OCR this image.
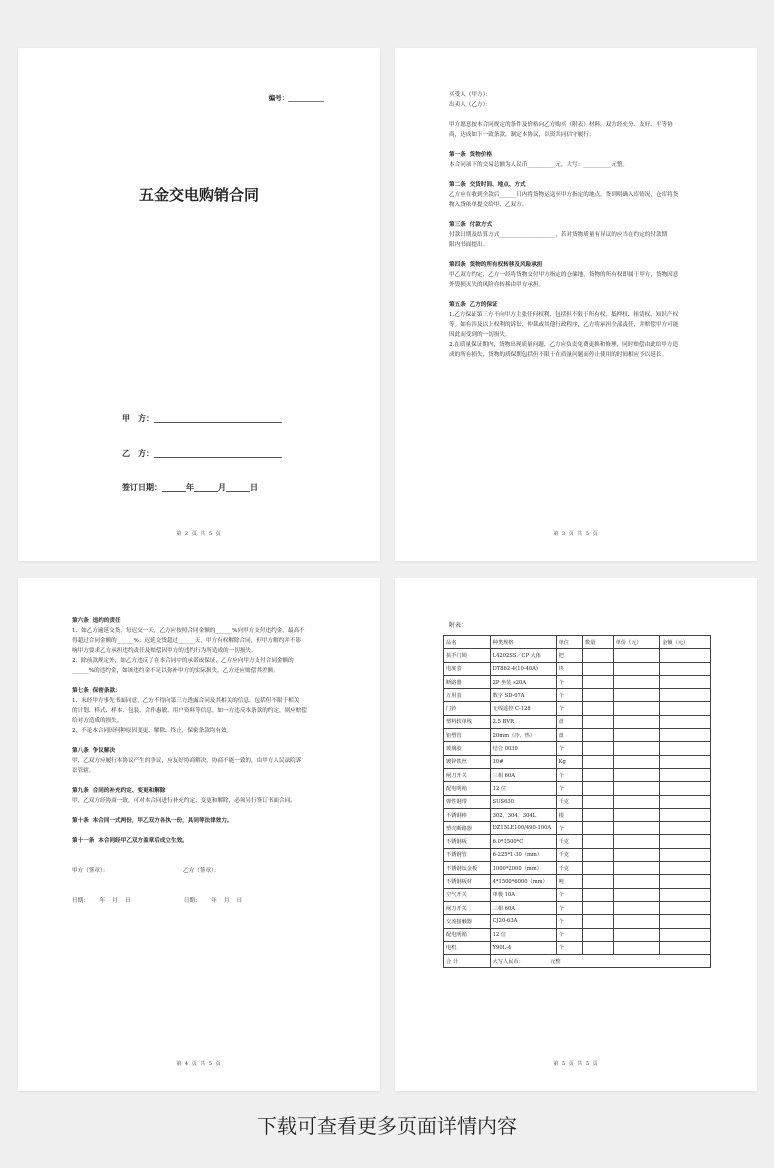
编号：___________
五金交电购销合同
甲　方：________________________________
乙　方：________________________________
签订日期：______年______月______日
第 2 页 共 5 页

买受人（甲方）：

出卖人（乙方）：

甲方愿意按本合同规定的条件及价格向乙方购买（附表）材料，双方经充分、友好、平等协

商，达成如下一致条款，制定本协议，以资共同信守履行：

第一条  货物价格

本合同项下的交易总额为人民币__________元，大写：__________元整。

第二条  交货时间、地点、方式

乙方应在收到全款后______日内将货物运送至甲方指定的地点，货到明确入库情况，仓库将货

物入货依单提交给甲、乙双方。

第三条  付款方式

付款日期及结算方式____________________，若对货物质量有异议的应当在约定的付款期

限内书面提出。

第四条  货物的所有权转移及风险承担

甲乙双方约定，乙方一经将货物交付甲方指定的仓储地，货物的所有权即属于甲方，货物因意

外毁损灭失的风险亦转移由甲方承担。

第五条  乙方的保证

1.乙方保证第三方不向甲方主张任何权利，包括但不限于所有权、抵押权、租赁权、知识产权

等。如有涉及以上权利的诉讼、仲裁或其他行政程序，乙方将承担全部责任，并赔偿甲方可能

因此而受到的一切损失。

2.在质量保证期内，货物出现质量问题，乙方应负责免费更换和修理，同时赔偿由此给甲方造

成的所有损失，货物的质保期包括但不限于在质量问题而停止使用的时间相应予以延长。

第 3 页 共 5 页

第六条  违约的责任

1、如乙方逾延交货，每迟交一天，乙方应按照合同金额的______%向甲方支付违约金，最高不

得超过合同金额的______%；迟延交货超过______天，甲方有权解除合同，但甲方解约并不影

响甲方要求乙方承担违约责任及赔偿因甲方的违约行为所造成的一切损失。

2、除前款规定外，如乙方违反了在本合同中的承诺或保证，乙方应向甲方支付合同金额的

______%的违约金，如该违约金不足以弥补甲方的实际损失，乙方还应赔偿其差额。

第七条  保密条款：

1、未经甲方事先书面同意，乙方不得向第三方透露合同及其相关的信息，包括但不限于相关

的计划、样式、样本、包装、合作惠敏、用户资料等信息。如一方违反本条款的约定，则应赔偿

给对方造成的损失。

2、不论本合同因何种原因变更、解除、终止，保密条款均有效。

第八条  争议解决

甲、乙双方应履行本协议产生的争议，应友好协商解决，协商不能一致的，由甲方人民法院诉

讼管辖。

第九条  合同的补充约定、变更和解除

甲、乙双方经协商一致，可对本合同进行补充约定、变更和解除，必须另行签订书面合同。

第十条  本合同一式两份，甲乙双方各执一份，具同等法律效力。

第十一条  本合同经甲乙双方盖章后成立生效。

甲方（签章）：                                          乙方（签章）：

日期：      年    月    日                              日期：      年    月    日

第 4 页 共 5 页
附表：
品名	种类规格	单位	数量	单价（元）	金额（元）
执手门锁	L4202SS／CP 大体	把			
电度表	DT862-4(10-40A)	块			
断路器	2P 坐装 s20A	个			
万用表	数字 SD-07A	个			
门铃	无线遥控 C-128	个			
塑料软单线	2.5 BVR	盘			
铝塑管	20mm（冷、热）	盘			
玻璃胶	结合 0039	个			
镀锌铁丝	10#	Kg			
闸刀开关	三相 60A	个			
配电明箱	12 位	个			
弹性钢带	SUS630	千克			
不锈钢棒	302、304、304L	根			
塑壳断路器	DZ15LE100/490-100A	个			
不锈钢板	6.0*1500*C	千克			
不锈钢管	6-225*1-30（mm）	千克			
不锈钢钛金板	1000*2000（mm）	千克			
不锈钢板材	4*1500*6000（mm）	吨			
空气开关	单极 10A	个			
闸刀开关	三相 60A	个			
交流接触器	CJ20-63A	个			
配电明箱	12 位	个			
电机	Y90L-4	个			
合 计	大写人民币：                元整				
第 5 页 共 5 页
下载可查看更多页面详情内容
